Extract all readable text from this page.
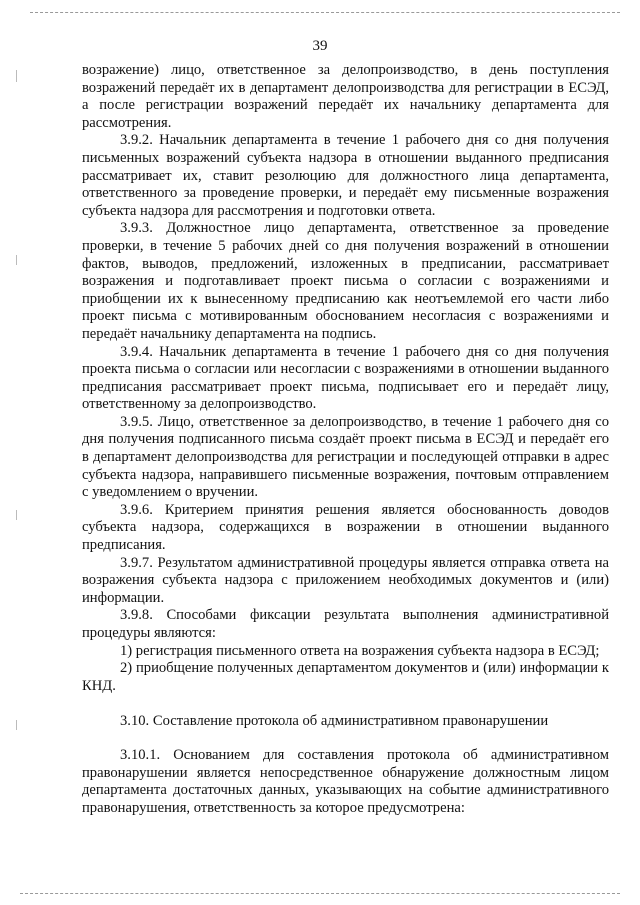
39

возражение) лицо, ответственное за делопроизводство, в день поступления возражений передаёт их в департамент делопроизводства для регистрации в ЕСЭД, а после регистрации возражений передаёт их начальнику департамента для рассмотрения.

3.9.2. Начальник департамента в течение 1 рабочего дня со дня получения письменных возражений субъекта надзора в отношении выданного предписания рассматривает их, ставит резолюцию для должностного лица департамента, ответственного за проведение проверки, и передаёт ему письменные возражения субъекта надзора для рассмотрения и подготовки ответа.

3.9.3. Должностное лицо департамента, ответственное за проведение проверки, в течение 5 рабочих дней со дня получения возражений в отношении фактов, выводов, предложений, изложенных в предписании, рассматривает возражения и подготавливает проект письма о согласии с возражениями и приобщении их к вынесенному предписанию как неотъемлемой его части либо проект письма с мотивированным обоснованием несогласия с возражениями и передаёт начальнику департамента на подпись.

3.9.4. Начальник департамента в течение 1 рабочего дня со дня получения проекта письма о согласии или несогласии с возражениями в отношении выданного предписания рассматривает проект письма, подписывает его и передаёт лицу, ответственному за делопроизводство.

3.9.5. Лицо, ответственное за делопроизводство, в течение 1 рабочего дня со дня получения подписанного письма создаёт проект письма в ЕСЭД и передаёт его в департамент делопроизводства для регистрации и последующей отправки в адрес субъекта надзора, направившего письменные возражения, почтовым отправлением с уведомлением о вручении.

3.9.6. Критерием принятия решения является обоснованность доводов субъекта надзора, содержащихся в возражении в отношении выданного предписания.

3.9.7. Результатом административной процедуры является отправка ответа на возражения субъекта надзора с приложением необходимых документов и (или) информации.

3.9.8. Способами фиксации результата выполнения административной процедуры являются:

1) регистрация письменного ответа на возражения субъекта надзора в ЕСЭД;

2) приобщение полученных департаментом документов и (или) информации к КНД.

3.10. Составление протокола об административном правонарушении

3.10.1. Основанием для составления протокола об административном правонарушении является непосредственное обнаружение должностным лицом департамента достаточных данных, указывающих на событие административного правонарушения, ответственность за которое предусмотрена:
